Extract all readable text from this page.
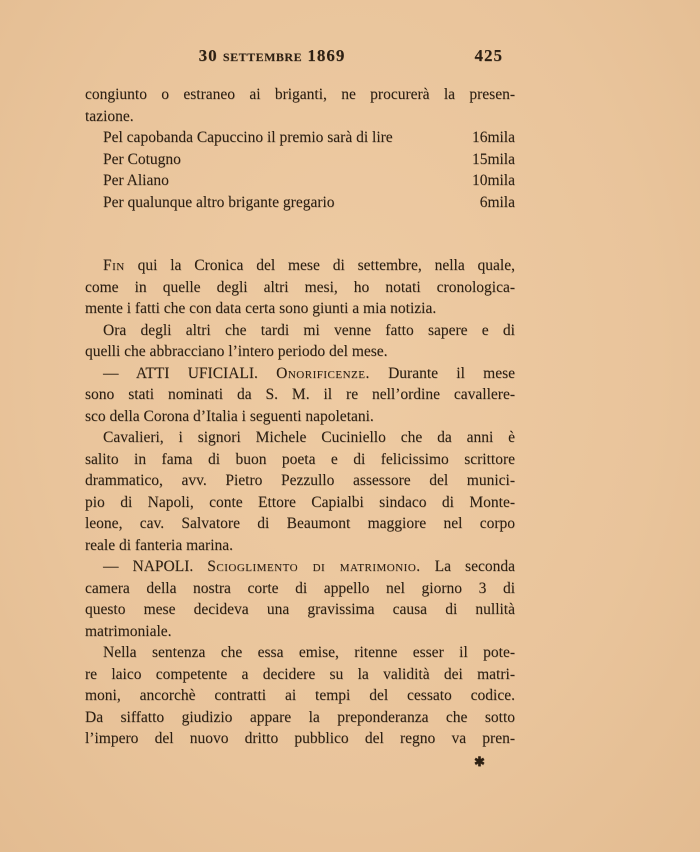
30 settembre 1869	425

congiunto o estraneo ai briganti, ne procurerà la presen-
tazione.

Pel capobanda Capuccino il premio sarà di lire	16mila
Per Cotugno	15mila
Per Aliano	10mila
Per qualunque altro brigante gregario	6mila

Fin qui la Cronica del mese di settembre, nella quale,
come in quelle degli altri mesi, ho notati cronologica-
mente i fatti che con data certa sono giunti a mia notizia.

Ora degli altri che tardi mi venne fatto sapere e di
quelli che abbracciano l’intero periodo del mese.

— ATTI UFICIALI. Onorificenze. Durante il mese
sono stati nominati da S. M. il re nell’ordine cavallere-
sco della Corona d’Italia i seguenti napoletani.

Cavalieri, i signori Michele Cuciniello che da anni è
salito in fama di buon poeta e di felicissimo scrittore
drammatico, avv. Pietro Pezzullo assessore del munici-
pio di Napoli, conte Ettore Capialbi sindaco di Monte-
leone, cav. Salvatore di Beaumont maggiore nel corpo
reale di fanteria marina.

— NAPOLI. Scioglimento di matrimonio. La seconda
camera della nostra corte di appello nel giorno 3 di
questo mese decideva una gravissima causa di nullità
matrimoniale.

Nella sentenza che essa emise, ritenne esser il pote-
re laico competente a decidere su la validità dei matri-
moni, ancorchè contratti ai tempi del cessato codice.
Da siffatto giudizio appare la preponderanza che sotto
l’impero del nuovo dritto pubblico del regno va pren-

✱
